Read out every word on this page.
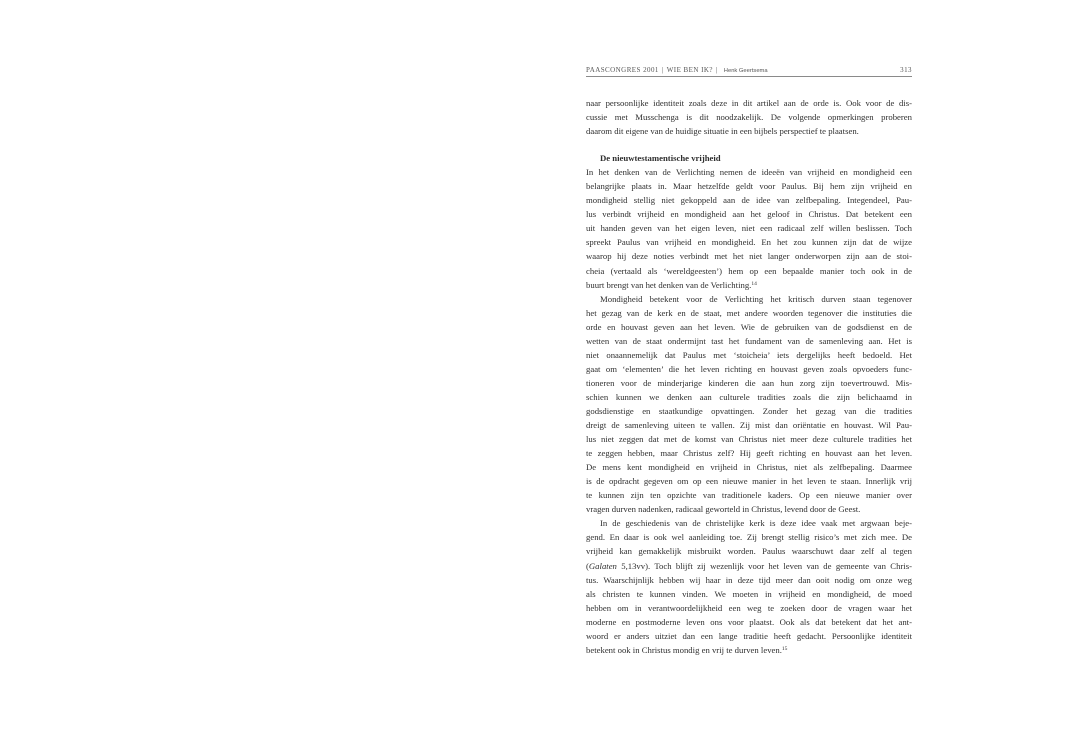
PAASCONGRES 2001 | WIE BEN IK? | Henk Geertsema	313
naar persoonlijke identiteit zoals deze in dit artikel aan de orde is. Ook voor de dis-
cussie met Musschenga is dit noodzakelijk. De volgende opmerkingen proberen
daarom dit eigene van de huidige situatie in een bijbels perspectief te plaatsen.
De nieuwtestamentische vrijheid
In het denken van de Verlichting nemen de ideeën van vrijheid en mondigheid een
belangrijke plaats in. Maar hetzelfde geldt voor Paulus. Bij hem zijn vrijheid en
mondigheid stellig niet gekoppeld aan de idee van zelfbepaling. Integendeel, Pau-
lus verbindt vrijheid en mondigheid aan het geloof in Christus. Dat betekent een
uit handen geven van het eigen leven, niet een radicaal zelf willen beslissen. Toch
spreekt Paulus van vrijheid en mondigheid. En het zou kunnen zijn dat de wijze
waarop hij deze noties verbindt met het niet langer onderworpen zijn aan de stoi-
cheia (vertaald als ‘wereldgeesten’) hem op een bepaalde manier toch ook in de
buurt brengt van het denken van de Verlichting.$^{14}$
Mondigheid betekent voor de Verlichting het kritisch durven staan tegenover
het gezag van de kerk en de staat, met andere woorden tegenover die instituties die
orde en houvast geven aan het leven. Wie de gebruiken van de godsdienst en de
wetten van de staat ondermijnt tast het fundament van de samenleving aan. Het is
niet onaannemelijk dat Paulus met ‘stoicheia’ iets dergelijks heeft bedoeld. Het
gaat om ‘elementen’ die het leven richting en houvast geven zoals opvoeders func-
tioneren voor de minderjarige kinderen die aan hun zorg zijn toevertrouwd. Mis-
schien kunnen we denken aan culturele tradities zoals die zijn belichaamd in
godsdienstige en staatkundige opvattingen. Zonder het gezag van die tradities
dreigt de samenleving uiteen te vallen. Zij mist dan oriëntatie en houvast. Wil Pau-
lus niet zeggen dat met de komst van Christus niet meer deze culturele tradities het
te zeggen hebben, maar Christus zelf? Hij geeft richting en houvast aan het leven.
De mens kent mondigheid en vrijheid in Christus, niet als zelfbepaling. Daarmee
is de opdracht gegeven om op een nieuwe manier in het leven te staan. Innerlijk vrij
te kunnen zijn ten opzichte van traditionele kaders. Op een nieuwe manier over
vragen durven nadenken, radicaal geworteld in Christus, levend door de Geest.
In de geschiedenis van de christelijke kerk is deze idee vaak met argwaan beje-
gend. En daar is ook wel aanleiding toe. Zij brengt stellig risico’s met zich mee. De
vrijheid kan gemakkelijk misbruikt worden. Paulus waarschuwt daar zelf al tegen
(Galaten 5,13vv). Toch blijft zij wezenlijk voor het leven van de gemeente van Chris-
tus. Waarschijnlijk hebben wij haar in deze tijd meer dan ooit nodig om onze weg
als christen te kunnen vinden. We moeten in vrijheid en mondigheid, de moed
hebben om in verantwoordelijkheid een weg te zoeken door de vragen waar het
moderne en postmoderne leven ons voor plaatst. Ook als dat betekent dat het ant-
woord er anders uitziet dan een lange traditie heeft gedacht. Persoonlijke identiteit
betekent ook in Christus mondig en vrij te durven leven.$^{15}$
